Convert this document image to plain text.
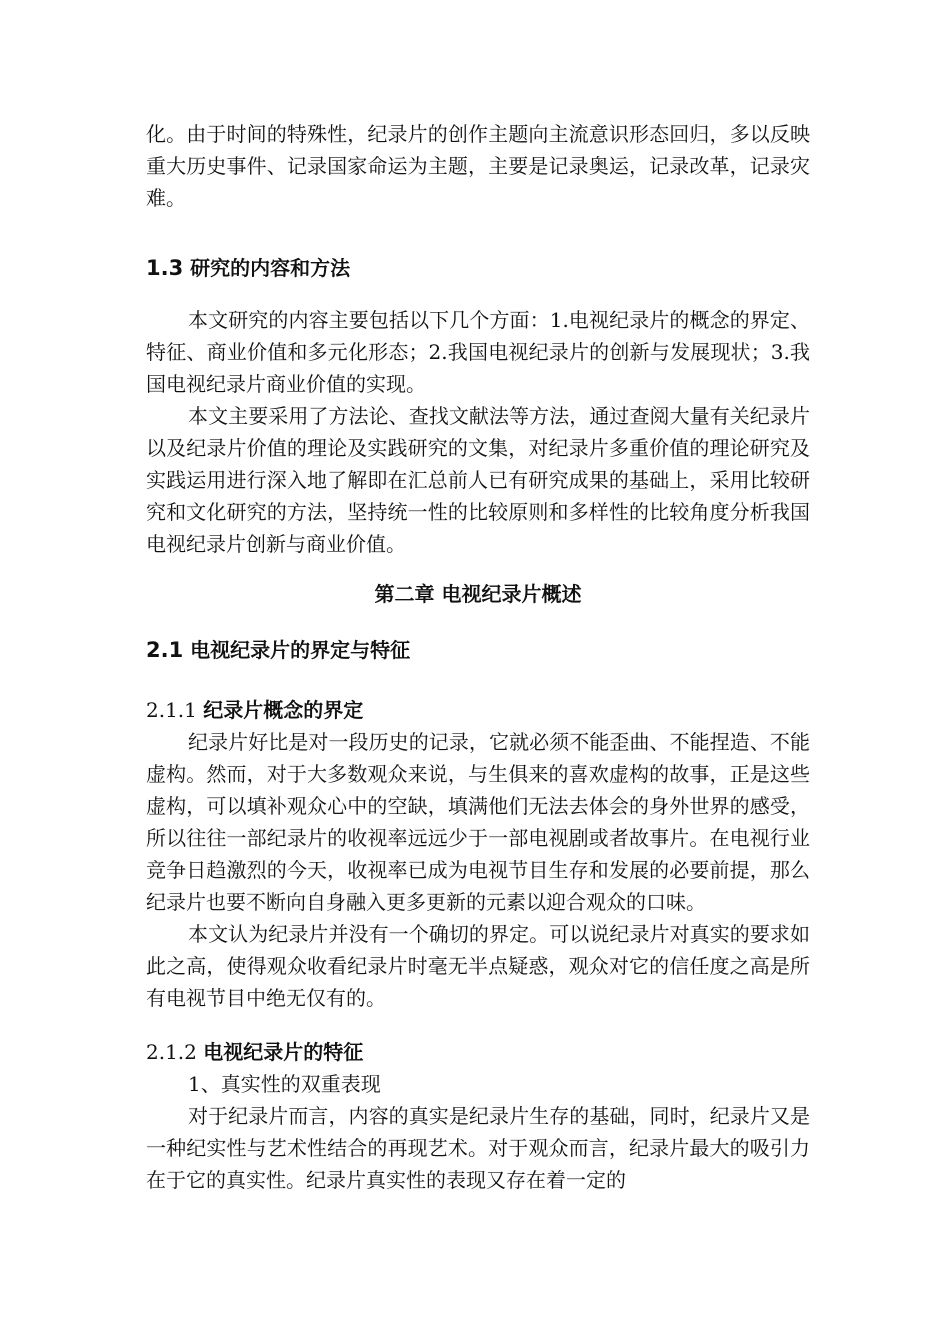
化。由于时间的特殊性，纪录片的创作主题向主流意识形态回归，多以反映重大历史事件、记录国家命运为主题，主要是记录奥运，记录改革，记录灾难。

1.3 研究的内容和方法

本文研究的内容主要包括以下几个方面：1.电视纪录片的概念的界定、特征、商业价值和多元化形态；2.我国电视纪录片的创新与发展现状；3.我国电视纪录片商业价值的实现。

本文主要采用了方法论、查找文献法等方法，通过查阅大量有关纪录片以及纪录片价值的理论及实践研究的文集，对纪录片多重价值的理论研究及实践运用进行深入地了解即在汇总前人已有研究成果的基础上，采用比较研究和文化研究的方法，坚持统一性的比较原则和多样性的比较角度分析我国电视纪录片创新与商业价值。

第二章 电视纪录片概述
2.1 电视纪录片的界定与特征
2.1.1 纪录片概念的界定

纪录片好比是对一段历史的记录，它就必须不能歪曲、不能捏造、不能虚构。然而，对于大多数观众来说，与生俱来的喜欢虚构的故事，正是这些虚构，可以填补观众心中的空缺，填满他们无法去体会的身外世界的感受，所以往往一部纪录片的收视率远远少于一部电视剧或者故事片。在电视行业竞争日趋激烈的今天，收视率已成为电视节目生存和发展的必要前提，那么纪录片也要不断向自身融入更多更新的元素以迎合观众的口味。

本文认为纪录片并没有一个确切的界定。可以说纪录片对真实的要求如此之高，使得观众收看纪录片时毫无半点疑惑，观众对它的信任度之高是所有电视节目中绝无仅有的。

2.1.2 电视纪录片的特征

1、真实性的双重表现

对于纪录片而言，内容的真实是纪录片生存的基础，同时，纪录片又是一种纪实性与艺术性结合的再现艺术。对于观众而言，纪录片最大的吸引力在于它的真实性。纪录片真实性的表现又存在着一定的
